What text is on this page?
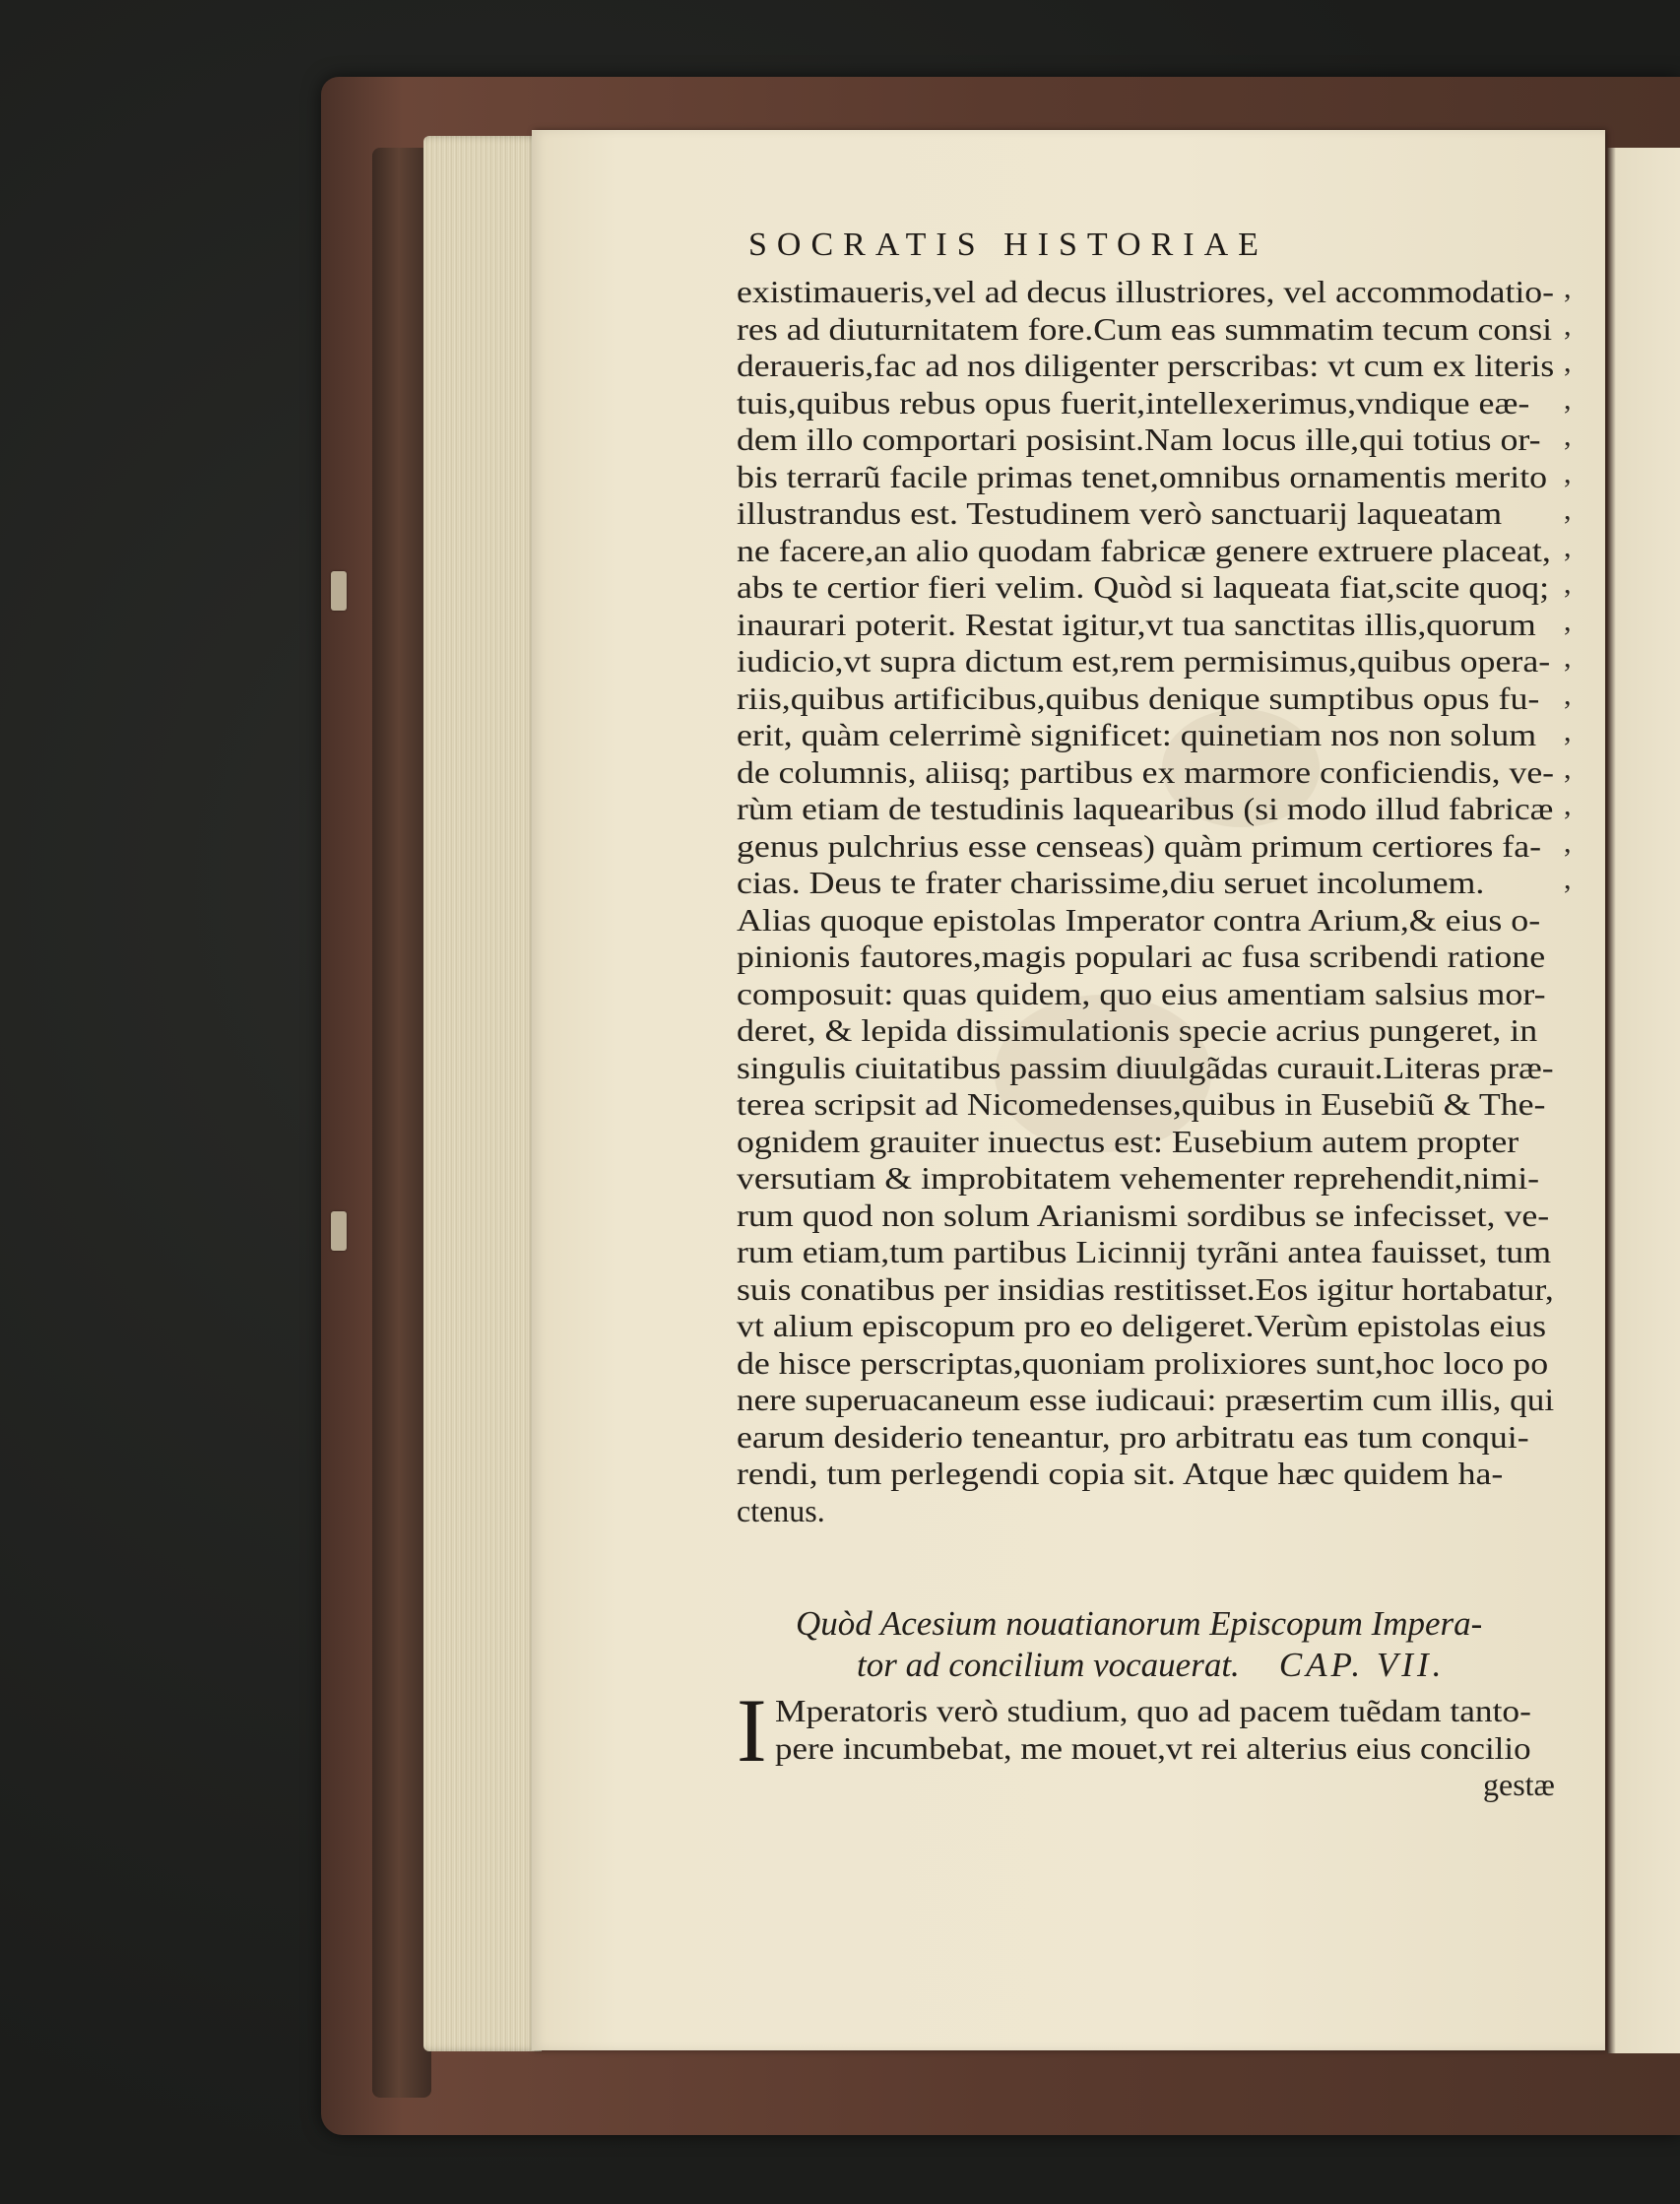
SOCRATIS HISTORIAE
existimaueris,vel ad decus illustriores, vel accommodatio-
res ad diuturnitatem fore.Cum eas summatim tecum consi
deraueris,fac ad nos diligenter perscribas: vt cum ex literis
tuis,quibus rebus opus fuerit,intellexerimus,vndique eæ-
dem illo comportari posisint.Nam locus ille,qui totius or-
bis terrarũ facile primas tenet,omnibus ornamentis merito
illustrandus est. Testudinem verò sanctuarij laqueatam
ne facere,an alio quodam fabricæ genere extruere placeat,
abs te certior fieri velim. Quòd si laqueata fiat,scite quoq;
inaurari poterit. Restat igitur,vt tua sanctitas illis,quorum
iudicio,vt supra dictum est,rem permisimus,quibus opera-
riis,quibus artificibus,quibus denique sumptibus opus fu-
erit, quàm celerrimè significet: quinetiam nos non solum
de columnis, aliisq; partibus ex marmore conficiendis, ve-
rùm etiam de testudinis laquearibus (si modo illud fabricæ
genus pulchrius esse censeas) quàm primum certiores fa-
cias. Deus te frater charissime,diu seruet incolumem.
Alias quoque epistolas Imperator contra Arium,& eius o-
pinionis fautores,magis populari ac fusa scribendi ratione
composuit: quas quidem, quo eius amentiam salsius mor-
deret, & lepida dissimulationis specie acrius pungeret, in
singulis ciuitatibus passim diuulgãdas curauit.Literas præ-
terea scripsit ad Nicomedenses,quibus in Eusebiũ & The-
ognidem grauiter inuectus est: Eusebium autem propter
versutiam & improbitatem vehementer reprehendit,nimi-
rum quod non solum Arianismi sordibus se infecisset, ve-
rum etiam,tum partibus Licinnij tyrãni antea fauisset, tum
suis conatibus per insidias restitisset.Eos igitur hortabatur,
vt alium episcopum pro eo deligeret.Verùm epistolas eius
de hisce perscriptas,quoniam prolixiores sunt,hoc loco po
nere superuacaneum esse iudicaui: præsertim cum illis, qui
earum desiderio teneantur, pro arbitratu eas tum conqui-
rendi, tum perlegendi copia sit. Atque hæc quidem ha-
ctenus.
,
,
,
,
,
,
,
,
,
,
,
,
,
,
,
,
,
Quòd Acesium nouatianorum Episcopum Impera-
tor ad concilium vocauerat. CAP. VII.
I Mperatoris verò studium, quo ad pacem tuẽdam tanto-
pere incumbebat, me mouet,vt rei alterius eius concilio
gestæ
